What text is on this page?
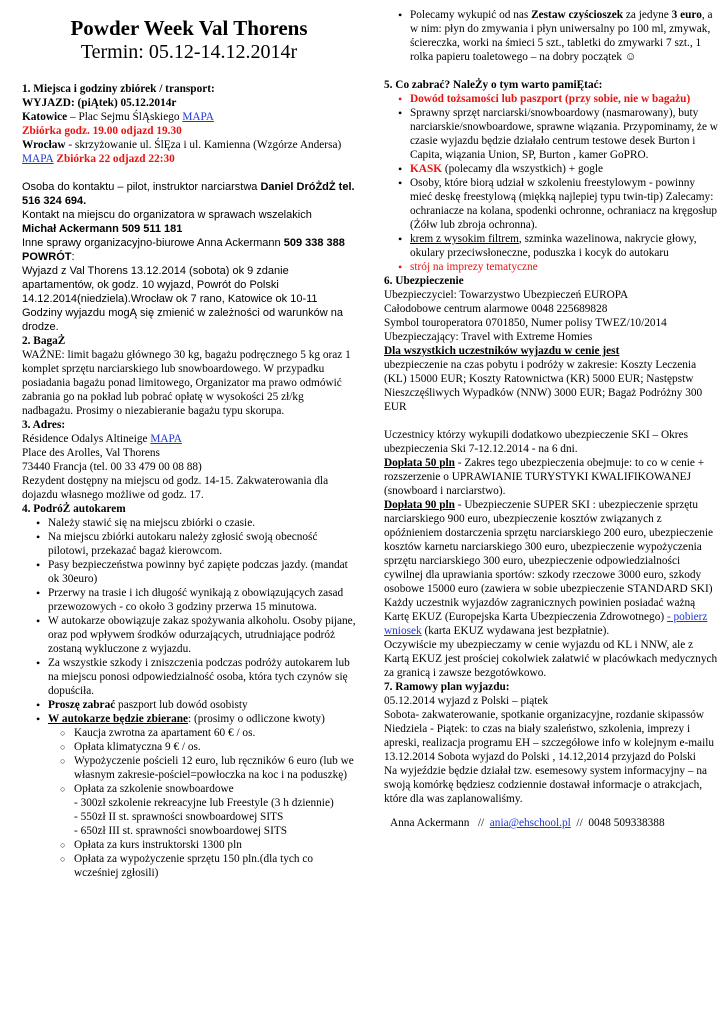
Powder Week Val Thorens
Termin: 05.12-14.12.2014r

1. Miejsca i godziny zbiórek / transport:

WYJAZD: (piĄtek) 05.12.2014r

Katowice – Plac Sejmu ŚlĄskiego MAPA

Zbiórka godz. 19.00 odjazd 19.30

Wrocław - skrzyżowanie ul. ŚlĘza i ul. Kamienna (Wzgórze Andersa) MAPA Zbiórka 22 odjazd 22:30

Osoba do kontaktu – pilot, instruktor narciarstwa Daniel DróŻdŻ tel. 516 324 694.

Kontakt na miejscu do organizatora w sprawach wszelakich

Michał Ackermann 509 511 181

Inne sprawy organizacyjno-biurowe Anna Ackermann 509 338 388

POWRÓT:

Wyjazd z Val Thorens 13.12.2014 (sobota) ok 9 zdanie apartamentów, ok godz. 10 wyjazd, Powrót do Polski 14.12.2014(niedziela).Wrocław ok 7 rano, Katowice ok 10-11 Godziny wyjazdu mogĄ się zmienić w zależności od warunków na drodze.

2. BagaŻ

WAŻNE: limit bagażu głównego 30 kg, bagażu podręcznego 5 kg oraz 1 komplet sprzętu narciarskiego lub snowboardowego. W przypadku posiadania bagażu ponad limitowego, Organizator ma prawo odmówić zabrania go na pokład lub pobrać opłatę w wysokości 25 zł/kg nadbagażu. Prosimy o niezabieranie bagażu typu skorupa.

3. Adres:

Résidence Odalys Altineige MAPA

Place des Arolles, Val Thorens

73440 Francja (tel. 00 33 479 00 08 88)

Rezydent dostępny na miejscu od godz. 14-15. Zakwaterowania dla dojazdu własnego możliwe od godz. 17.

4. PodróŻ autokarem

• Należy stawić się na miejscu zbiórki o czasie.
• Na miejscu zbiórki autokaru należy zgłosić swoją obecność pilotowi, przekazać bagaż kierowcom.
• Pasy bezpieczeństwa powinny być zapięte podczas jazdy. (mandat ok 30euro)
• Przerwy na trasie i ich długość wynikają z obowiązujących zasad przewozowych - co około 3 godziny przerwa 15 minutowa.
• W autokarze obowiązuje zakaz spożywania alkoholu. Osoby pijane, oraz pod wpływem środków odurzających, utrudniające podróż zostaną wykluczone z wyjazdu.
• Za wszystkie szkody i zniszczenia podczas podróży autokarem lub na miejscu ponosi odpowiedzialność osoba, która tych czynów się dopuściła.
• Proszę zabrać paszport lub dowód osobisty
• W autokarze będzie zbierane: (prosimy o odliczone kwoty)
○ Kaucja zwrotna za apartament 60 € / os.
○ Opłata klimatyczna 9 € / os.
○ Wypożyczenie pościeli 12 euro, lub ręczników 6 euro (lub we własnym zakresie-pościel=powłoczka na koc i na poduszkę)
○ Opłata za szkolenie snowboardowe
- 300zł szkolenie rekreacyjne lub Freestyle (3 h dziennie)
- 550zł II st. sprawności snowboardowej SITS
- 650zł III st. sprawności snowboardowej SITS
○ Opłata za kurs instruktorski 1300 pln
○ Opłata za wypożyczenie sprzętu 150 pln.(dla tych co wcześniej zgłosili)
• Polecamy wykupić od nas Zestaw czyścioszek za jedyne 3 euro, a w nim: płyn do zmywania i płyn uniwersalny po 100 ml, zmywak, ściereczka, worki na śmieci 5 szt., tabletki do zmywarki 7 szt., 1 rolka papieru toaletowego – na dobry początek ☺

5. Co zabrać? NaleŻy o tym warto pamiĘtać:

• Dowód tożsamości lub paszport (przy sobie, nie w bagażu)
• Sprawny sprzęt narciarski/snowboardowy (nasmarowany), buty narciarskie/snowboardowe, sprawne wiązania. Przypominamy, że w czasie wyjazdu będzie działało centrum testowe desek Burton i Capita, wiązania Union, SP, Burton , kamer GoPRO.
• KASK (polecamy dla wszystkich) + gogle
• Osoby, które biorą udział w szkoleniu freestylowym - powinny mieć deskę freestylową (miękką najlepiej typu twin-tip) Zalecamy: ochraniacze na kolana, spodenki ochronne, ochraniacz na kręgosłup (Żółw lub zbroja ochronna).
• krem z wysokim filtrem, szminka wazelinowa, nakrycie głowy, okulary przeciwsłoneczne, poduszka i kocyk do autokaru
• strój na imprezy tematyczne

6. Ubezpieczenie

Ubezpieczyciel: Towarzystwo Ubezpieczeń EUROPA

Całodobowe centrum alarmowe 0048 225689828

Symbol touroperatora 0701850, Numer polisy TWEZ/10/2014

Ubezpieczający: Travel with Extreme Homies

Dla wszystkich uczestników wyjazdu w cenie jest

ubezpieczenie na czas pobytu i podróży w zakresie: Koszty Leczenia (KL) 15000 EUR; Koszty Ratownictwa (KR) 5000 EUR; Następstw Nieszczęśliwych Wypadków (NNW) 3000 EUR; Bagaż Podróżny 300 EUR

Uczestnicy którzy wykupili dodatkowo ubezpieczenie SKI – Okres ubezpieczenia Ski 7-12.12.2014 - na 6 dni.

Dopłata 50 pln - Zakres tego ubezpieczenia obejmuje: to co w cenie + rozszerzenie o UPRAWIANIE TURYSTYKI KWALIFIKOWANEJ (snowboard i narciarstwo).

Dopłata 90 pln - Ubezpieczenie SUPER SKI : ubezpieczenie sprzętu narciarskiego 900 euro, ubezpieczenie kosztów związanych z opóźnieniem dostarczenia sprzętu narciarskiego 200 euro, ubezpieczenie kosztów karnetu narciarskiego 300 euro, ubezpieczenie wypożyczenia sprzętu narciarskiego 300 euro, ubezpieczenie odpowiedzialności cywilnej dla uprawiania sportów: szkody rzeczowe 3000 euro, szkody osobowe 15000 euro (zawiera w sobie ubezpieczenie STANDARD SKI)

Każdy uczestnik wyjazdów zagranicznych powinien posiadać ważną Kartę EKUZ (Europejska Karta Ubezpieczenia Zdrowotnego) - pobierz wniosek (karta EKUZ wydawana jest bezpłatnie).

Oczywiście my ubezpieczamy w cenie wyjazdu od KL i NNW, ale z Kartą EKUZ jest prościej cokolwiek załatwić w placówkach medycznych za granicą i zawsze bezgotówkowo.

7. Ramowy plan wyjazdu:

05.12.2014 wyjazd z Polski – piątek

Sobota- zakwaterowanie, spotkanie organizacyjne, rozdanie skipassów

Niedziela - Piątek: to czas na biały szaleństwo, szkolenia, imprezy i apreski, realizacja programu EH – szczegółowe info w kolejnym e-mailu

13.12.2014 Sobota wyjazd do Polski , 14.12,2014 przyjazd do Polski

Na wyjeździe będzie działał tzw. esemesowy system informacyjny – na swoją komórkę będziesz codziennie dostawał informacje o atrakcjach, które dla was zaplanowaliśmy.

Anna Ackermann   //  ania@ehschool.pl  //  0048 509338388
